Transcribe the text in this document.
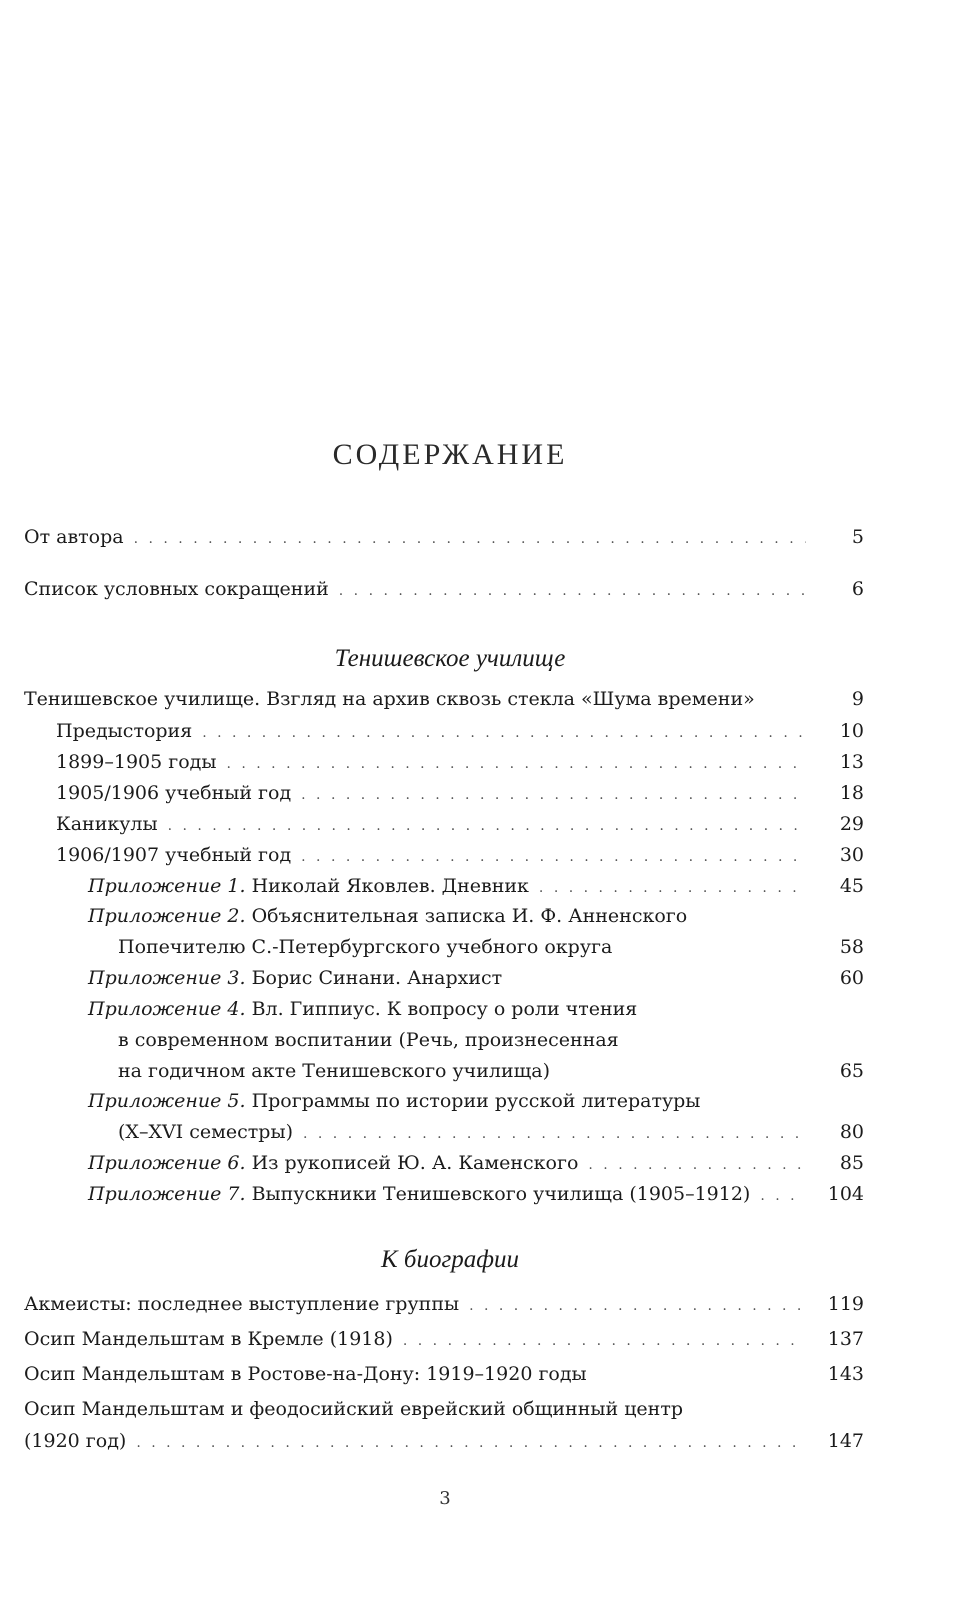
СОДЕРЖАНИЕ
От автора . . .	5
Список условных сокращений . . .	6
Тенишевское училище
Тенишевское училище. Взгляд на архив сквозь стекла «Шума времени»	9
Предыстория . . .	10
1899–1905 годы . . .	13
1905/1906 учебный год . . .	18
Каникулы . . .	29
1906/1907 учебный год . . .	30
Приложение 1. Николай Яковлев. Дневник . . .	45
Приложение 2. Объяснительная записка И. Ф. Анненского
Попечителю С.-Петербургского учебного округа	58
Приложение 3. Борис Синани. Анархист	60
Приложение 4. Вл. Гиппиус. К вопросу о роли чтения
в современном воспитании (Речь, произнесенная
на годичном акте Тенишевского училища)	65
Приложение 5. Программы по истории русской литературы
(X–XVI семестры) . . .	80
Приложение 6. Из рукописей Ю. А. Каменского . . .	85
Приложение 7. Выпускники Тенишевского училища (1905–1912) . . .	104
К биографии
Акмеисты: последнее выступление группы . . .	119
Осип Мандельштам в Кремле (1918) . . .	137
Осип Мандельштам в Ростове-на-Дону: 1919–1920 годы	143
Осип Мандельштам и феодосийский еврейский общинный центр
(1920 год) . . .	147
3
